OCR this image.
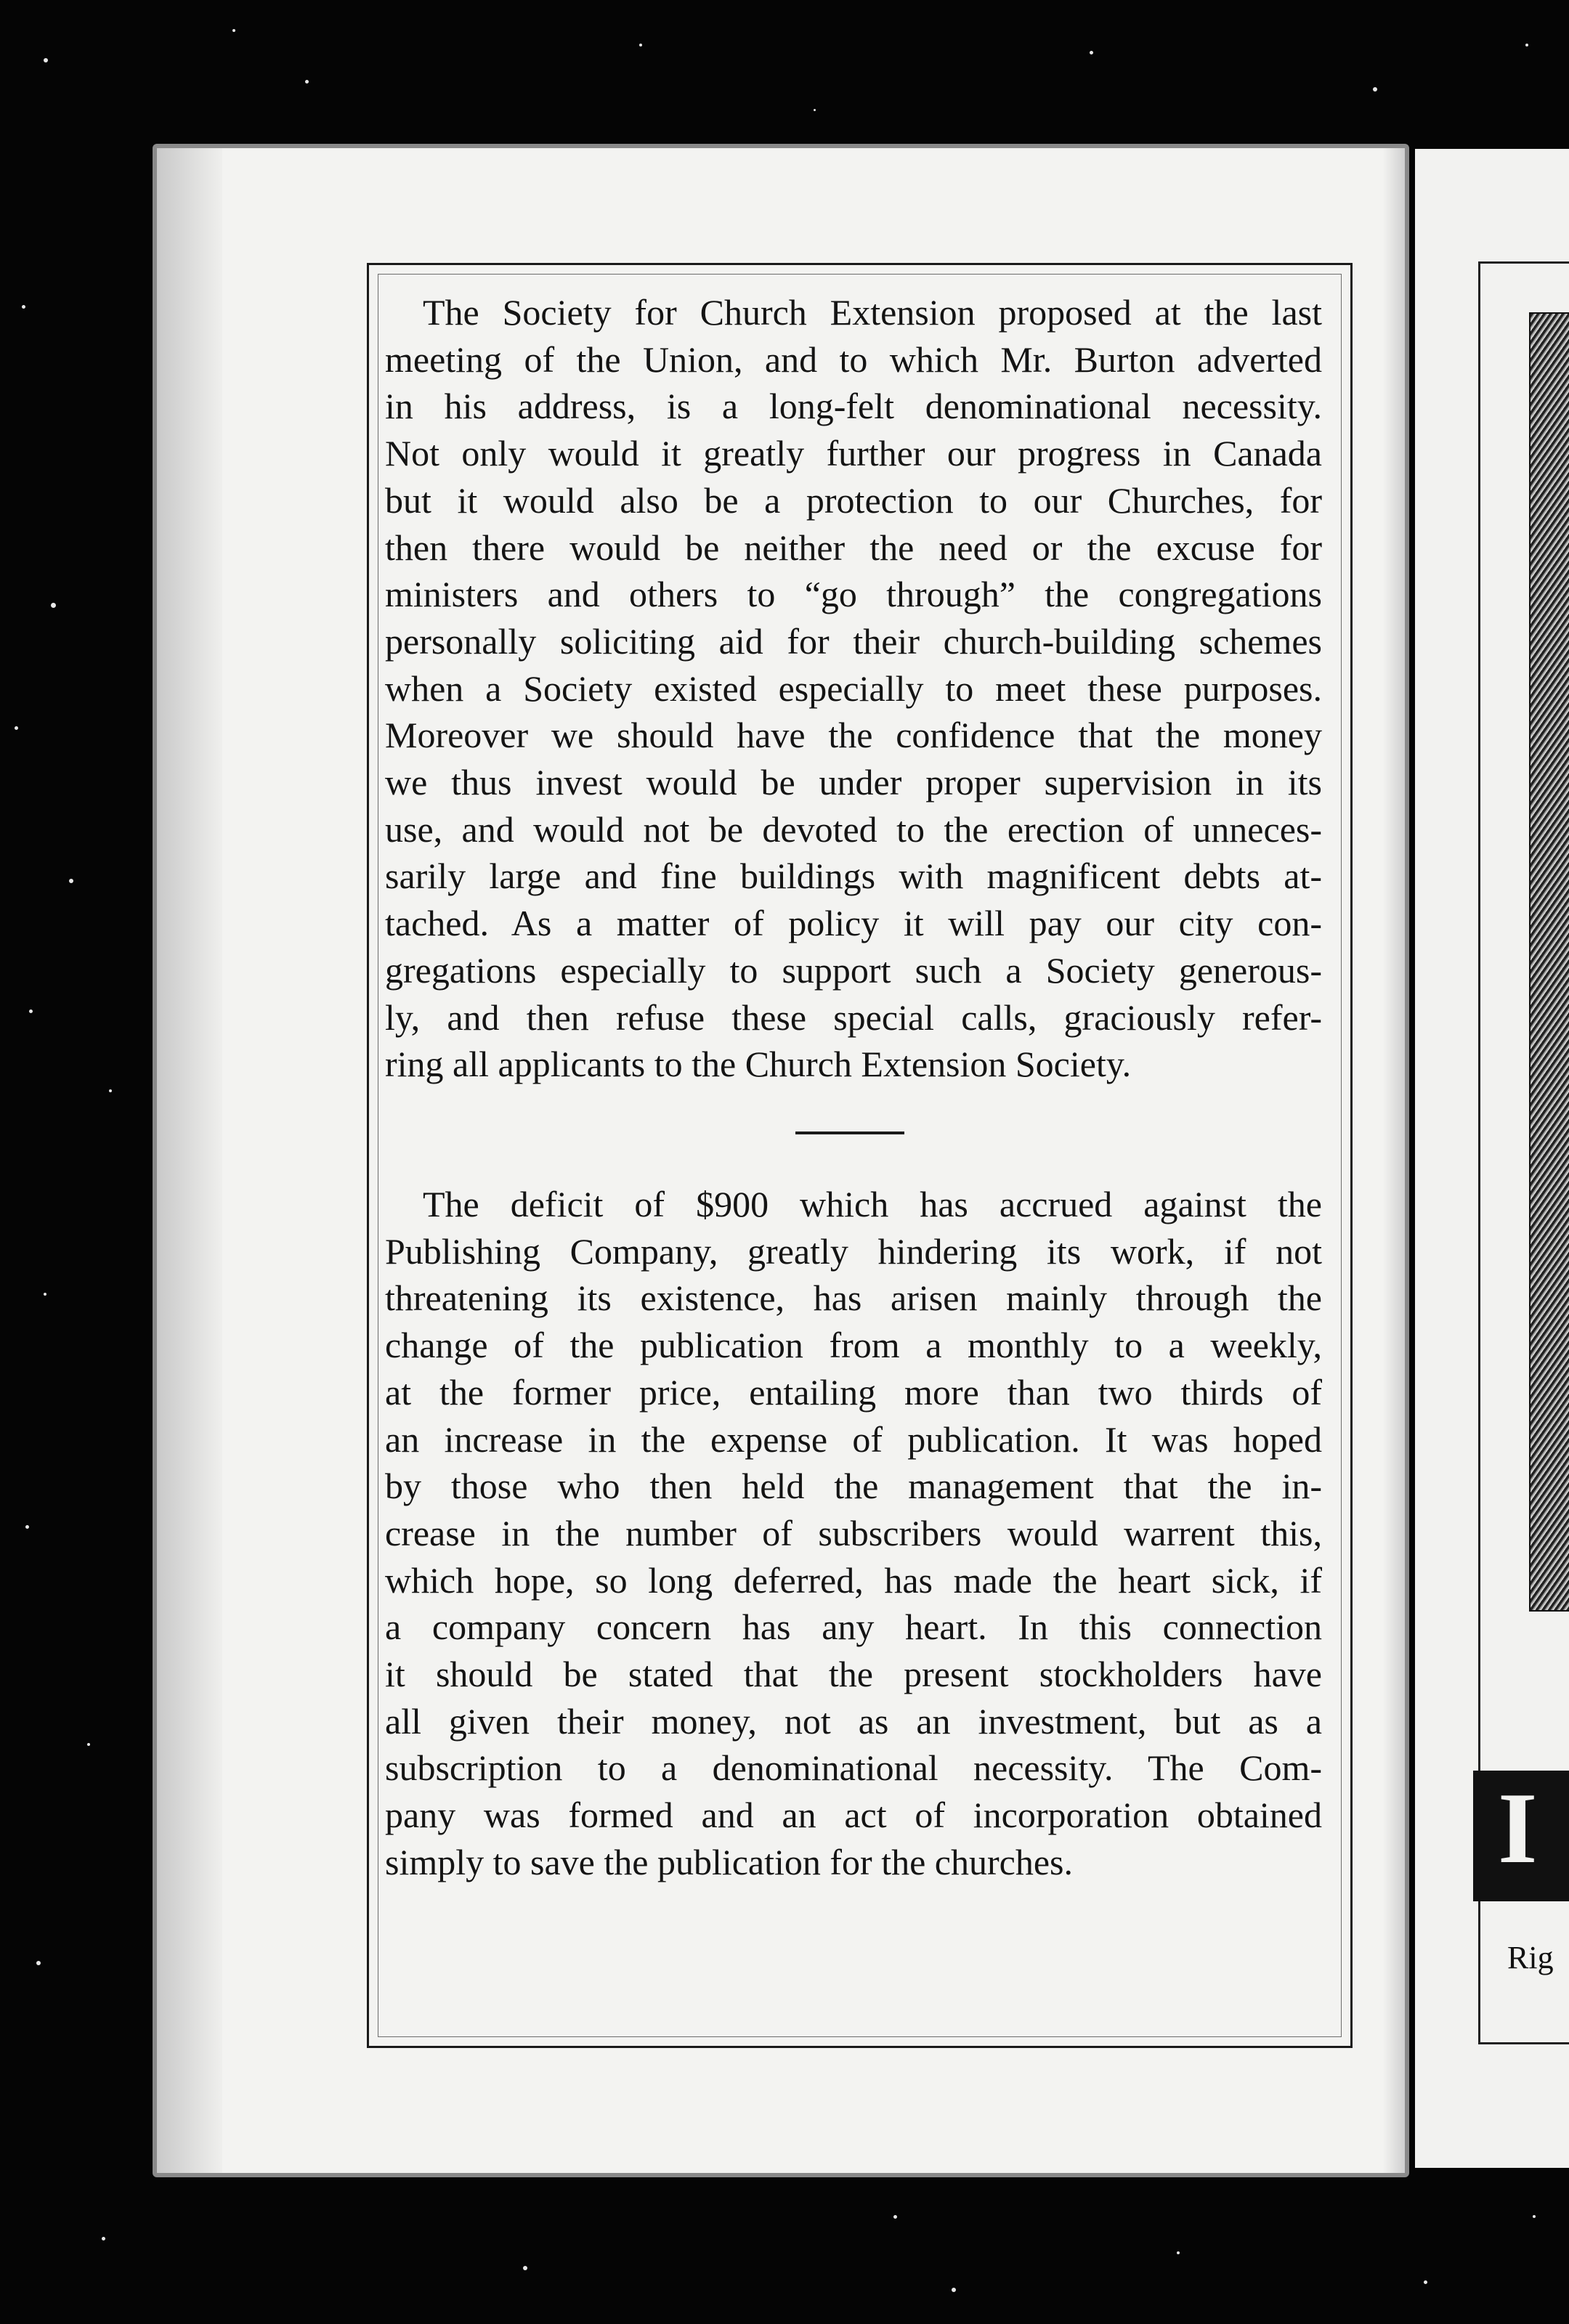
The Society for Church Extension proposed at the last
meeting of the Union, and to which Mr. Burton adverted
in his address, is a long-felt denominational necessity.
Not only would it greatly further our progress in Canada
but it would also be a protection to our Churches, for
then there would be neither the need or the excuse for
ministers and others to “go through” the congregations
personally soliciting aid for their church-building schemes
when a Society existed especially to meet these purposes.
Moreover we should have the confidence that the money
we thus invest would be under proper supervision in its
use, and would not be devoted to the erection of unneces-
sarily large and fine buildings with magnificent debts at-
tached. As a matter of policy it will pay our city con-
gregations especially to support such a Society generous-
ly, and then refuse these special calls, graciously refer-
ring all applicants to the Church Extension Society.
The deficit of $900 which has accrued against the
Publishing Company, greatly hindering its work, if not
threatening its existence, has arisen mainly through the
change of the publication from a monthly to a weekly,
at the former price, entailing more than two thirds of
an increase in the expense of publication. It was hoped
by those who then held the management that the in-
crease in the number of subscribers would warrent this,
which hope, so long deferred, has made the heart sick, if
a company concern has any heart. In this connection
it should be stated that the present stockholders have
all given their money, not as an investment, but as a
subscription to a denominational necessity. The Com-
pany was formed and an act of incorporation obtained
simply to save the publication for the churches.	I
Rig
